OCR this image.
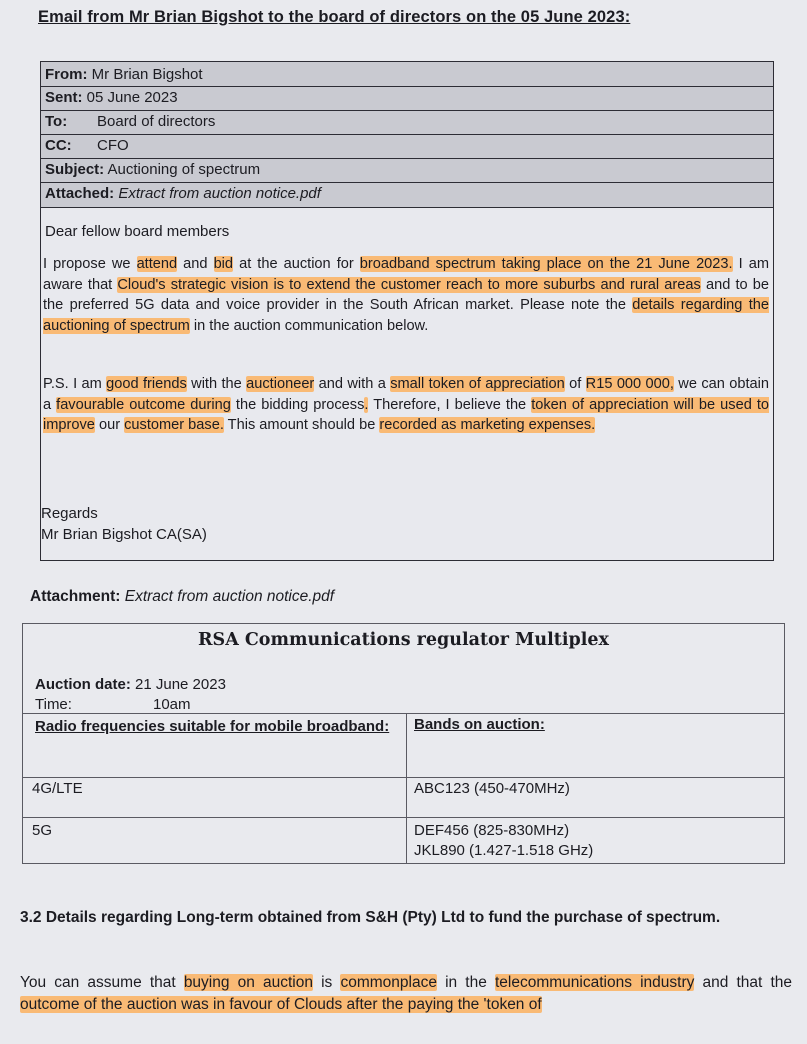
Email from Mr Brian Bigshot to the board of directors on the 05 June 2023:
From: Mr Brian Bigshot
Sent: 05 June 2023
To: Board of directors
CC: CFO
Subject: Auctioning of spectrum
Attached: Extract from auction notice.pdf
Dear fellow board members
I propose we attend and bid at the auction for broadband spectrum taking place on the 21 June 2023. I am aware that Cloud's strategic vision is to extend the customer reach to more suburbs and rural areas and to be the preferred 5G data and voice provider in the South African market. Please note the details regarding the auctioning of spectrum in the auction communication below.
P.S. I am good friends with the auctioneer and with a small token of appreciation of R15 000 000, we can obtain a favourable outcome during the bidding process. Therefore, I believe the token of appreciation will be used to improve our customer base. This amount should be recorded as marketing expenses.
Regards
Mr Brian Bigshot CA(SA)
Attachment: Extract from auction notice.pdf
RSA Communications regulator Multiplex
Auction date: 21 June 2023
Time:	10am
Radio frequencies suitable for mobile broadband:	Bands on auction:
4G/LTE	ABC123 (450-470MHz)
5G	DEF456 (825-830MHz)
JKL890 (1.427-1.518 GHz)
3.2 Details regarding Long-term obtained from S&H (Pty) Ltd to fund the purchase of spectrum.
You can assume that buying on auction is commonplace in the telecommunications industry and that the outcome of the auction was in favour of Clouds after the paying the 'token of
